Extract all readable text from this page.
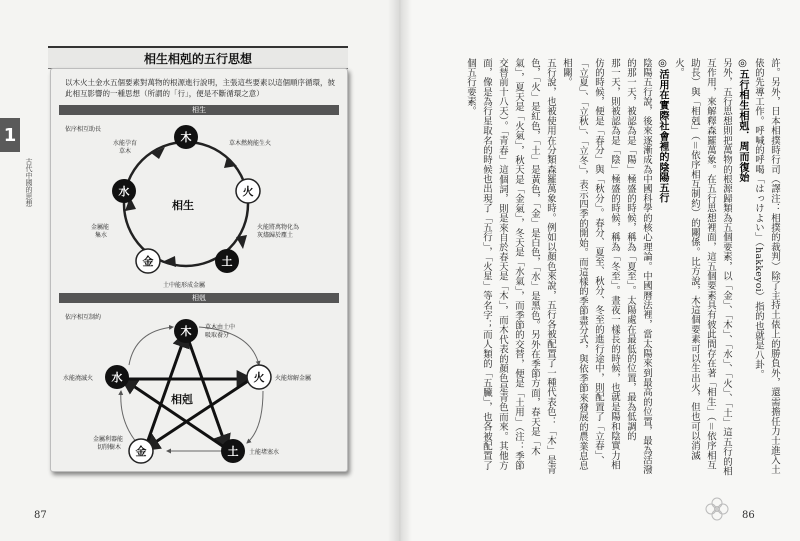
相生相剋的五行思想
1
古代中國的思想
以木火土金水五個要素對萬物的根源進行說明，主張這些要素以這個順序循環，彼此相互影響的一種思想（所謂的「行」，便是不斷循環之意）
相生
相剋
依序相互助長
相生
木
火
土
金
水
水能孕育草木
草木燃燒能生火
火能將萬物化為灰燼歸於塵土
土中能形成金屬
金屬能集水
依序相互制約
相剋
木
火
土
金
水
草木由土中吸取養分
火能熔解金屬
土能堵塞水
金屬利器能切削樹木
水能澆滅火
87

許。另外，日本相撲時行司（譯注：相撲的裁判）除了主持土俵上的勝負外，還需擔任力士進入土俵的先導工作。呼喊的呼喝「はっけよい」（hakkeyoi）指的也就是八卦。

◎五行相生相剋．周而復始

另外，五行思想則把萬物的根源歸類為五個要素，以「金」、「木」、「水」、「火」、「土」這五行的相互作用，來解釋森羅萬象。在五行思想裡面，這五個要素具有彼此間存在著「相生」（＝依序相互助長）與「相剋」（＝依序相互制約）的關係。比方說，木這個要素可以生出火，但也可以消滅火。

◎活用在實際社會裡的陰陽五行

陰陽五行說，後來逐漸成為中國科學的核心理論。中國曆法裡，當太陽來到最高的位置，最為活潑的那一天，被認為是「陽」極盛的時候，稱為「夏至」。太陽處在最低的位置，最為低調的

那一天，則被認為是「陰」極盛的時候，稱為「冬至」。晝夜一樣長的時候，也就是陽和陰實力相仿的時候，便是「春分」與「秋分」。春分、夏至、秋分、冬至的進行途中，則配置了「立春」、「立夏」、「立秋」、「立冬」，表示四季的開始。而這樣的季節盡分式，與依季節來發展的農業息息相關。

五行說，也被使用在分類森羅萬象時。例如以顏色來說，五行各被配置了一種代表色：「木」是青色，「火」是紅色，「土」是黃色，「金」是白色，「水」是黑色。另外在季節方面，春天是「木氣」，夏天是「火氣」，秋天是「金氣」，冬天是「水氣」，而季節的交替，便是「土用」（注：季節交替前十八天）。「青春」這個詞，則是來自於春天是「木」，而木代表的顏色是青色而來。其他方面，像是為行星取名的時候也出現了「五行」，「火星」等名字；而人類的「五臟」，也各被配置了個五行要素。

86
